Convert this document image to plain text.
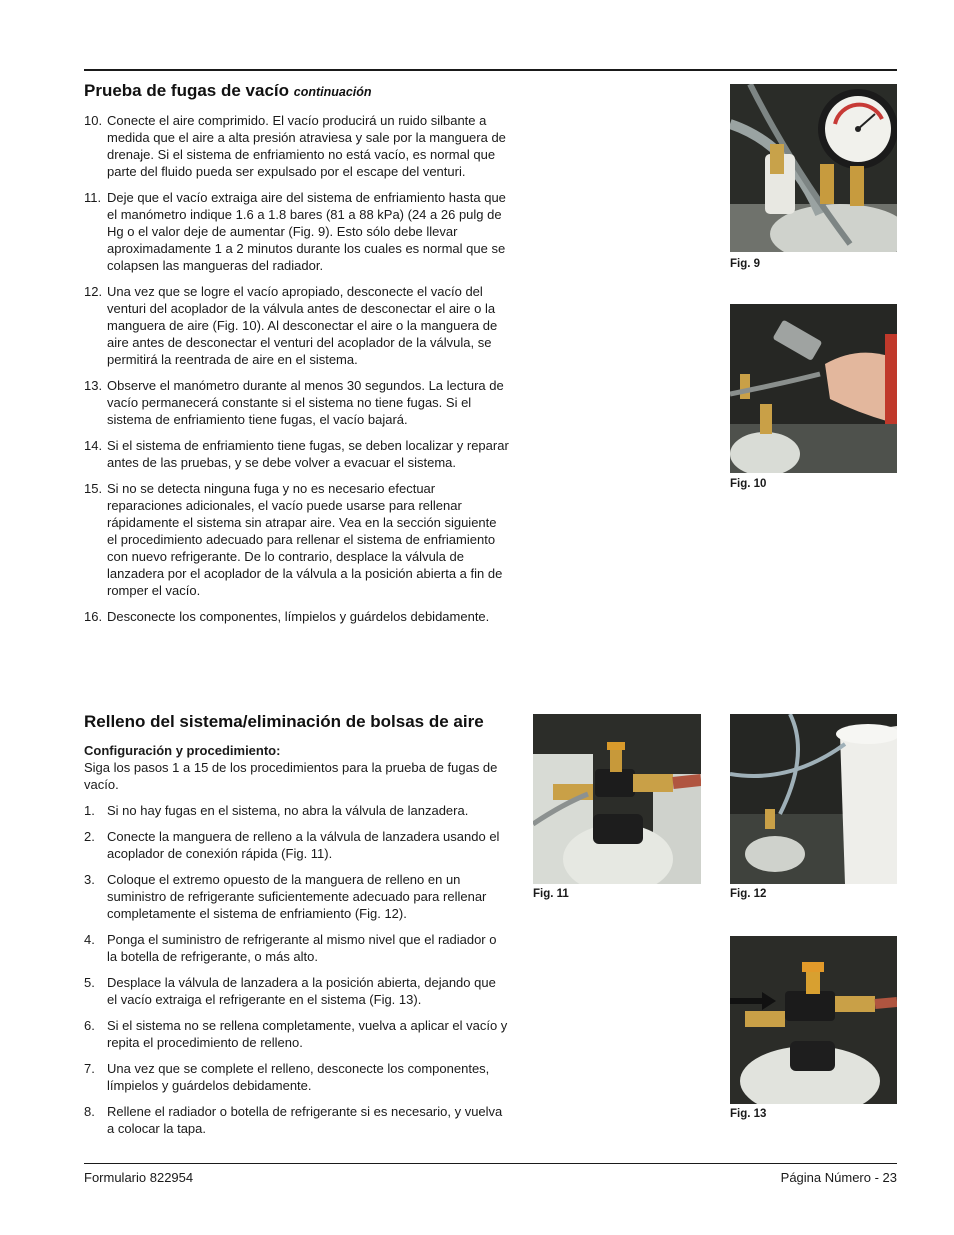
Prueba de fugas de vacío continuación
10. Conecte el aire comprimido. El vacío producirá un ruido silbante a medida que el aire a alta presión atraviesa y sale por la manguera de drenaje. Si el sistema de enfriamiento no está vacío, es normal que parte del fluido pueda ser expulsado por el escape del venturi.
11. Deje que el vacío extraiga aire del sistema de enfriamiento hasta que el manómetro indique 1.6 a 1.8 bares (81 a 88 kPa) (24 a 26 pulg de Hg o el valor deje de aumentar (Fig. 9). Esto sólo debe llevar aproximadamente 1 a 2 minutos durante los cuales es normal que se colapsen las mangueras del radiador.
12. Una vez que se logre el vacío apropiado, desconecte el vacío del venturi del acoplador de la válvula antes de desconectar el aire o la manguera de aire (Fig. 10). Al desconectar el aire o la manguera de aire antes de desconectar el venturi del acoplador de la válvula, se permitirá la reentrada de aire en el sistema.
13. Observe el manómetro durante al menos 30 segundos. La lectura de vacío permanecerá constante si el sistema no tiene fugas. Si el sistema de enfriamiento tiene fugas, el vacío bajará.
14. Si el sistema de enfriamiento tiene fugas, se deben localizar y reparar antes de las pruebas, y se debe volver a evacuar el sistema.
15. Si no se detecta ninguna fuga y no es necesario efectuar reparaciones adicionales, el vacío puede usarse para rellenar rápidamente el sistema sin atrapar aire. Vea en la sección siguiente el procedimiento adecuado para rellenar el sistema de enfriamiento con nuevo refrigerante. De lo contrario, desplace la válvula de lanzadera por el acoplador de la válvula a la posición abierta a fin de romper el vacío.
16. Desconecte los componentes, límpielos y guárdelos debidamente.
Relleno del sistema/eliminación de bolsas de aire
Configuración y procedimiento:
Siga los pasos 1 a 15 de los procedimientos para la prueba de fugas de vacío.
1. Si no hay fugas en el sistema, no abra la válvula de lanzadera.
2. Conecte la manguera de relleno a la válvula de lanzadera usando el acoplador de conexión rápida (Fig. 11).
3. Coloque el extremo opuesto de la manguera de relleno en un suministro de refrigerante suficientemente adecuado para rellenar completamente el sistema de enfriamiento (Fig. 12).
4. Ponga el suministro de refrigerante al mismo nivel que el radiador o la botella de refrigerante, o más alto.
5. Desplace la válvula de lanzadera a la posición abierta, dejando que el vacío extraiga el refrigerante en el sistema (Fig. 13).
6. Si el sistema no se rellena completamente, vuelva a aplicar el vacío y repita el procedimiento de relleno.
7. Una vez que se complete el relleno, desconecte los componentes, límpielos y guárdelos debidamente.
8. Rellene el radiador o botella de refrigerante si es necesario, y vuelva a colocar la tapa.
Fig. 9
Fig. 10
Fig. 11	Fig. 12
Fig. 13
Formulario 822954	Página Número - 23
